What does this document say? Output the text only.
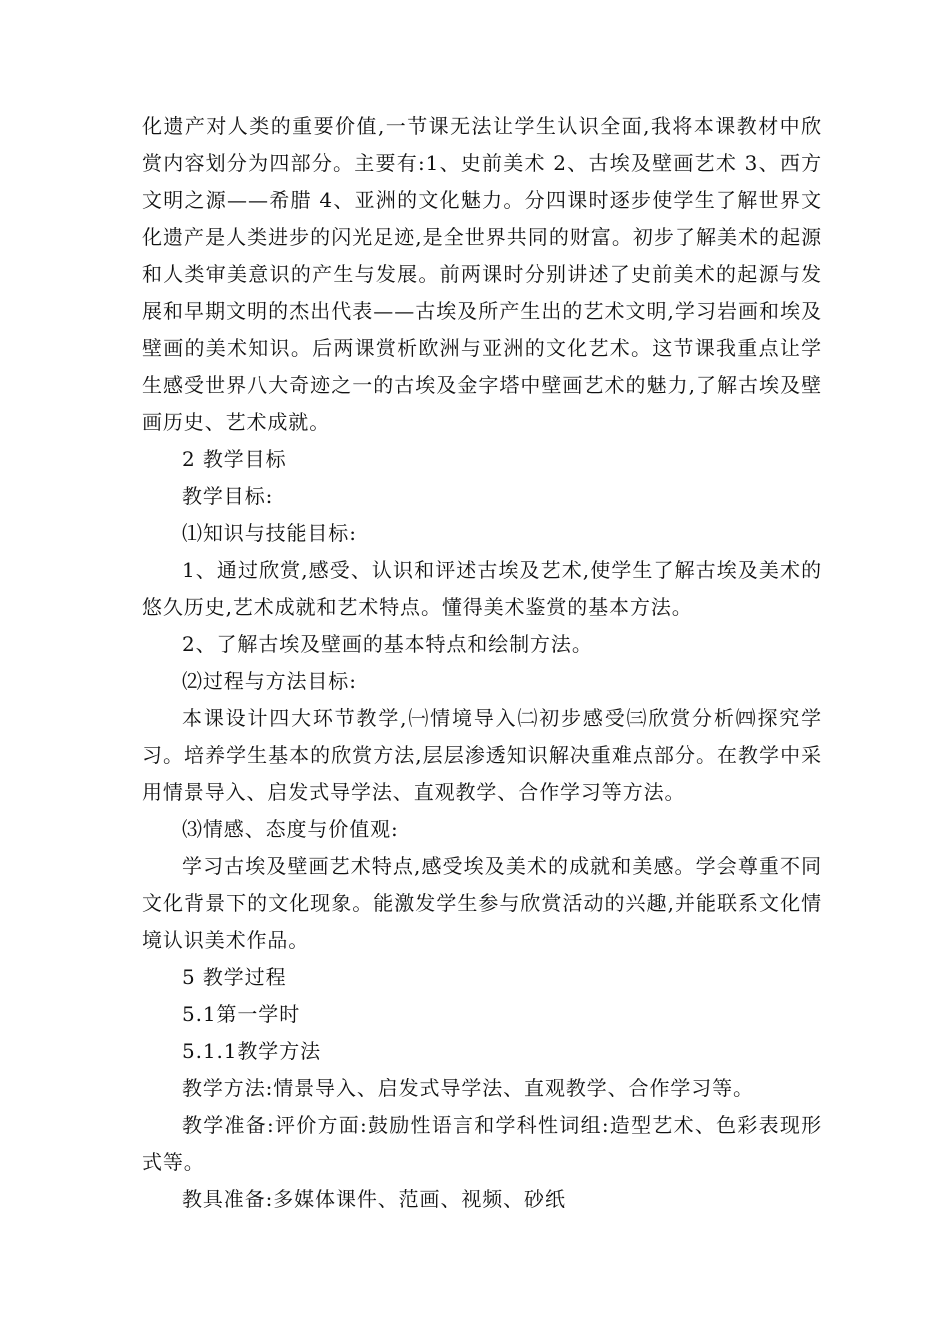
化遗产对人类的重要价值,一节课无法让学生认识全面,我将本课教材中欣赏内容划分为四部分。主要有:1、史前美术 2、古埃及壁画艺术 3、西方文明之源——希腊 4、亚洲的文化魅力。分四课时逐步使学生了解世界文化遗产是人类进步的闪光足迹,是全世界共同的财富。初步了解美术的起源和人类审美意识的产生与发展。前两课时分别讲述了史前美术的起源与发展和早期文明的杰出代表——古埃及所产生出的艺术文明,学习岩画和埃及壁画的美术知识。后两课赏析欧洲与亚洲的文化艺术。这节课我重点让学生感受世界八大奇迹之一的古埃及金字塔中壁画艺术的魅力,了解古埃及壁画历史、艺术成就。

2 教学目标

教学目标:

⑴知识与技能目标:

1、通过欣赏,感受、认识和评述古埃及艺术,使学生了解古埃及美术的悠久历史,艺术成就和艺术特点。懂得美术鉴赏的基本方法。

2、了解古埃及壁画的基本特点和绘制方法。

⑵过程与方法目标:

本课设计四大环节教学,㈠情境导入㈡初步感受㈢欣赏分析㈣探究学习。培养学生基本的欣赏方法,层层渗透知识解决重难点部分。在教学中采用情景导入、启发式导学法、直观教学、合作学习等方法。

⑶情感、态度与价值观:

学习古埃及壁画艺术特点,感受埃及美术的成就和美感。学会尊重不同文化背景下的文化现象。能激发学生参与欣赏活动的兴趣,并能联系文化情境认识美术作品。

5 教学过程

5.1第一学时

5.1.1教学方法

教学方法:情景导入、启发式导学法、直观教学、合作学习等。

教学准备:评价方面:鼓励性语言和学科性词组:造型艺术、色彩表现形式等。

教具准备:多媒体课件、范画、视频、砂纸
